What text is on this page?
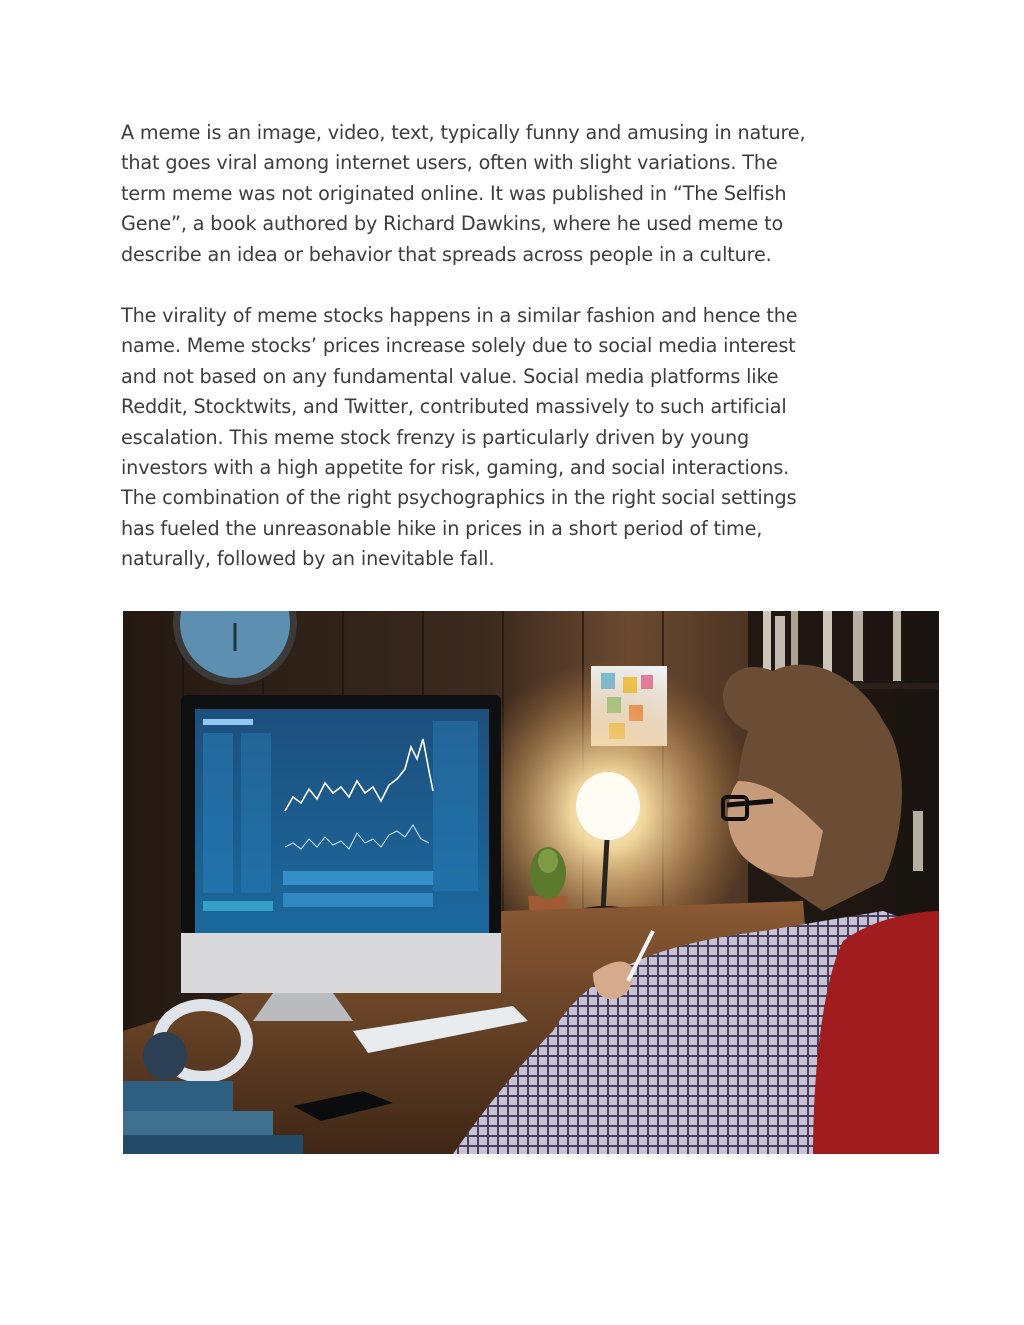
A meme is an image, video, text, typically funny and amusing in nature,
that goes viral among internet users, often with slight variations. The
term meme was not originated online. It was published in “The Selfish
Gene”, a book authored by Richard Dawkins, where he used meme to
describe an idea or behavior that spreads across people in a culture.

The virality of meme stocks happens in a similar fashion and hence the
name. Meme stocks’ prices increase solely due to social media interest
and not based on any fundamental value. Social media platforms like
Reddit, Stocktwits, and Twitter, contributed massively to such artificial
escalation. This meme stock frenzy is particularly driven by young
investors with a high appetite for risk, gaming, and social interactions.
The combination of the right psychographics in the right social settings
has fueled the unreasonable hike in prices in a short period of time,
naturally, followed by an inevitable fall.
